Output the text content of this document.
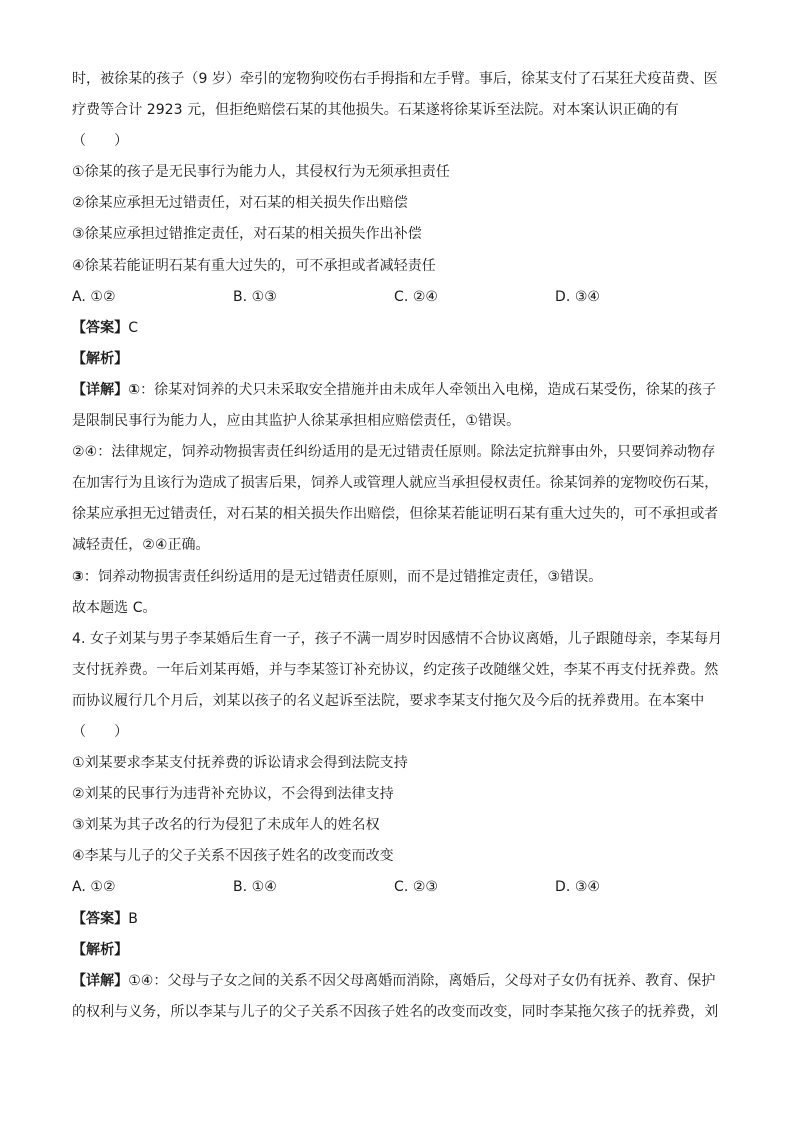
时，被徐某的孩子（9 岁）牵引的宠物狗咬伤右手拇指和左手臂。事后，徐某支付了石某狂犬疫苗费、医
疗费等合计 2923 元，但拒绝赔偿石某的其他损失。石某遂将徐某诉至法院。对本案认识正确的有
（　　）
①徐某的孩子是无民事行为能力人，其侵权行为无须承担责任
②徐某应承担无过错责任，对石某的相关损失作出赔偿
③徐某应承担过错推定责任，对石某的相关损失作出补偿
④徐某若能证明石某有重大过失的，可不承担或者减轻责任
A. ①②	B. ①③	C. ②④	D. ③④
【答案】C
【解析】
【详解】①：徐某对饲养的犬只未采取安全措施并由未成年人牵领出入电梯，造成石某受伤，徐某的孩子
是限制民事行为能力人，应由其监护人徐某承担相应赔偿责任，①错误。
②④：法律规定，饲养动物损害责任纠纷适用的是无过错责任原则。除法定抗辩事由外，只要饲养动物存
在加害行为且该行为造成了损害后果，饲养人或管理人就应当承担侵权责任。徐某饲养的宠物咬伤石某，
徐某应承担无过错责任，对石某的相关损失作出赔偿，但徐某若能证明石某有重大过失的，可不承担或者
减轻责任，②④正确。
③：饲养动物损害责任纠纷适用的是无过错责任原则，而不是过错推定责任，③错误。
故本题选 C。
4. 女子刘某与男子李某婚后生育一子，孩子不满一周岁时因感情不合协议离婚，儿子跟随母亲，李某每月
支付抚养费。一年后刘某再婚，并与李某签订补充协议，约定孩子改随继父姓，李某不再支付抚养费。然
而协议履行几个月后，刘某以孩子的名义起诉至法院，要求李某支付拖欠及今后的抚养费用。在本案中
（　　）
①刘某要求李某支付抚养费的诉讼请求会得到法院支持
②刘某的民事行为违背补充协议，不会得到法律支持
③刘某为其子改名的行为侵犯了未成年人的姓名权
④李某与儿子的父子关系不因孩子姓名的改变而改变
A. ①②	B. ①④	C. ②③	D. ③④
【答案】B
【解析】
【详解】①④：父母与子女之间的关系不因父母离婚而消除，离婚后，父母对子女仍有抚养、教育、保护
的权利与义务，所以李某与儿子的父子关系不因孩子姓名的改变而改变，同时李某拖欠孩子的抚养费，刘
